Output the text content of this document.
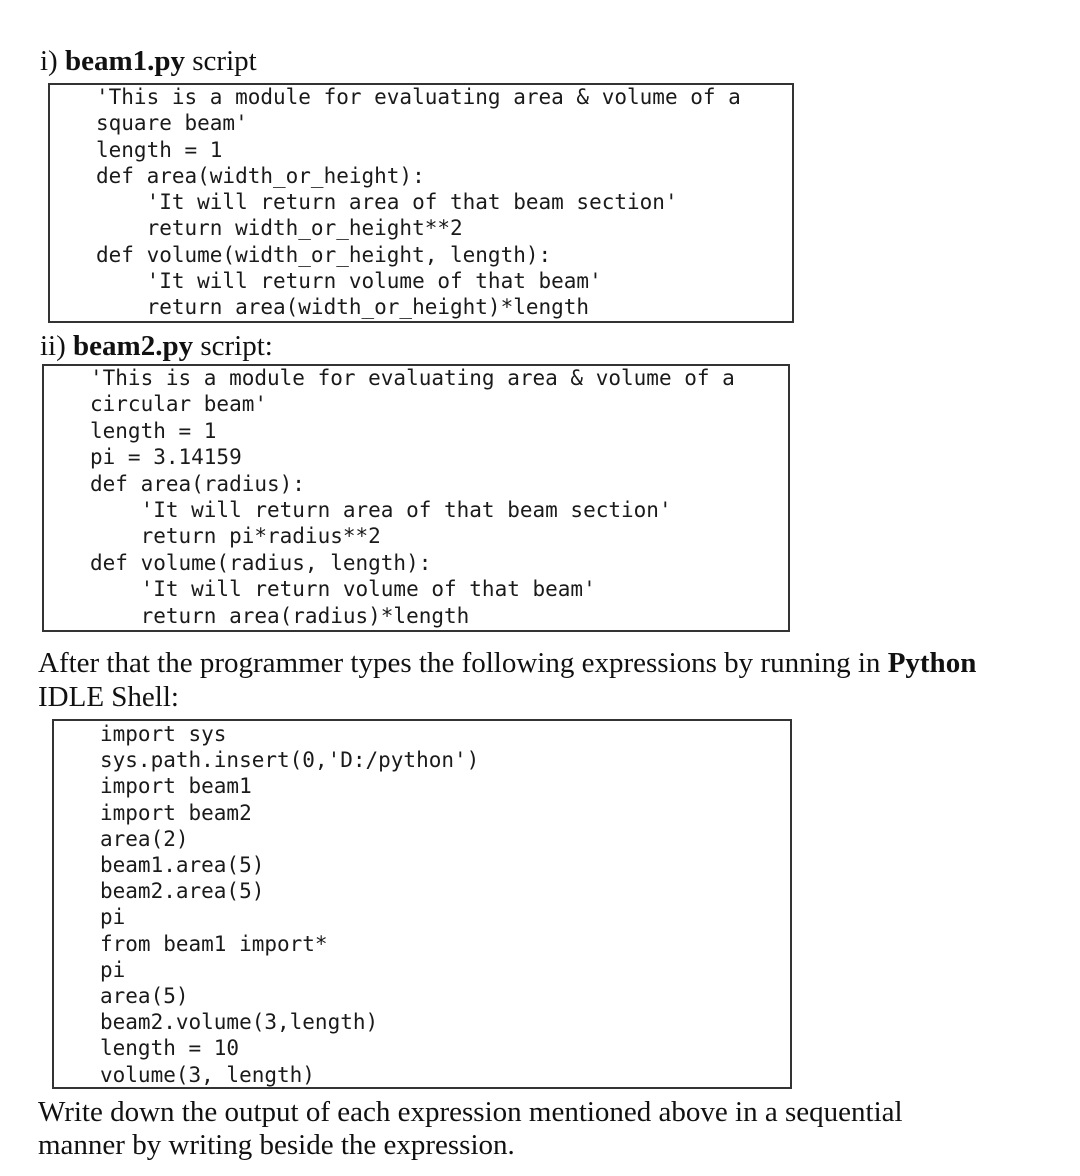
i) beam1.py script
'This is a module for evaluating area & volume of a
square beam'
length = 1
def area(width_or_height):
'It will return area of that beam section'
return width_or_height**2
def volume(width_or_height, length):
'It will return volume of that beam'
return area(width_or_height)*length
ii) beam2.py script:
'This is a module for evaluating area & volume of a
circular beam'
length = 1
pi = 3.14159
def area(radius):
'It will return area of that beam section'
return pi*radius**2
def volume(radius, length):
'It will return volume of that beam'
return area(radius)*length
After that the programmer types the following expressions by running in Python
IDLE Shell:
import sys
sys.path.insert(0,'D:/python')
import beam1
import beam2
area(2)
beam1.area(5)
beam2.area(5)
pi
from beam1 import*
pi
area(5)
beam2.volume(3,length)
length = 10
volume(3, length)
Write down the output of each expression mentioned above in a sequential
manner by writing beside the expression.
